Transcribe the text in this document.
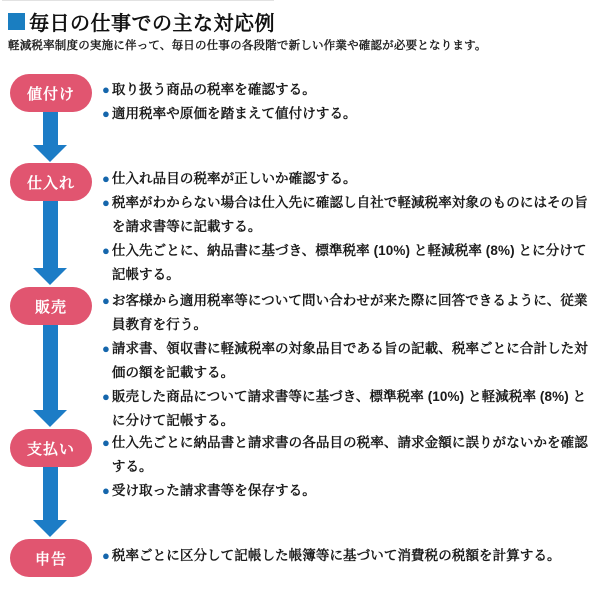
毎日の仕事での主な対応例
軽減税率制度の実施に伴って、毎日の仕事の各段階で新しい作業や確認が必要となります。
値付け
仕入れ
販売
支払い
申告
● 取り扱う商品の税率を確認する。
● 適用税率や原価を踏まえて値付けする。
● 仕入れ品目の税率が正しいか確認する。
● 税率がわからない場合は仕入先に確認し自社で軽減税率対象のものにはその旨を請求書等に記載する。
● 仕入先ごとに、納品書に基づき、標準税率 (10%) と軽減税率 (8%) とに分けて記帳する。
● お客様から適用税率等について問い合わせが来た際に回答できるように、従業員教育を行う。
● 請求書、領収書に軽減税率の対象品目である旨の記載、税率ごとに合計した対価の額を記載する。
● 販売した商品について請求書等に基づき、標準税率 (10%) と軽減税率 (8%) とに分けて記帳する。
● 仕入先ごとに納品書と請求書の各品目の税率、請求金額に誤りがないかを確認する。
● 受け取った請求書等を保存する。
● 税率ごとに区分して記帳した帳簿等に基づいて消費税の税額を計算する。
